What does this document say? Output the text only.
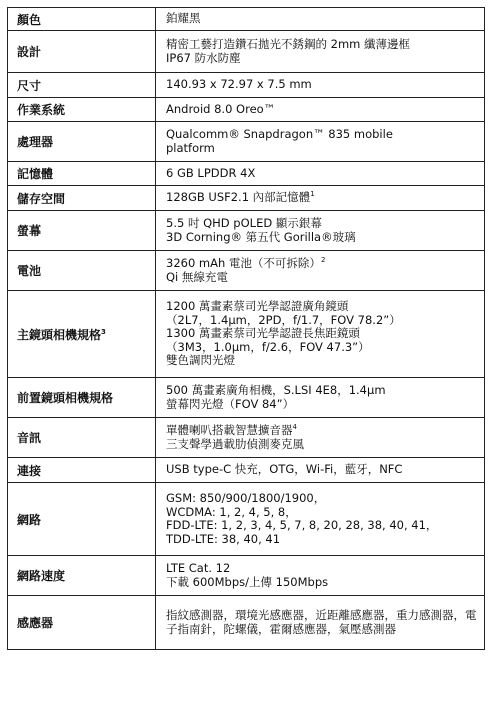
顏色	鉑耀黑

設計	精密工藝打造鑽石拋光不銹鋼的 2mm 纖薄邊框
IP67 防水防塵

尺寸	140.93 x 72.97 x 7.5 mm

作業系統	Android 8.0 Oreo™

處理器	Qualcomm® Snapdragon™ 835 mobile
platform

記憶體	6 GB LPDDR 4X

儲存空間	128GB USF2.1 內部記憶體$^1$

螢幕	5.5 吋 QHD pOLED 顯示銀幕
3D Corning® 第五代 Gorilla®玻璃

電池	3260 mAh 電池（不可拆除）$^2$
Qi 無線充電

主鏡頭相機規格$^3$	1200 萬畫素蔡司光學認證廣角鏡頭
（2L7，1.4μm，2PD，f/1.7，FOV 78.2”）
1300 萬畫素蔡司光學認證長焦距鏡頭
（3M3，1.0μm，f/2.6，FOV 47.3”）
雙色調閃光燈

前置鏡頭相機規格	500 萬畫素廣角相機，S.LSI 4E8，1.4μm
螢幕閃光燈（FOV 84”）

音訊	單體喇叭搭載智慧擴音器$^4$
三支聲學過載肋偵測麥克風

連接	USB type-C 快充，OTG，Wi-Fi，藍牙，NFC

網路	GSM: 850/900/1800/1900，
WCDMA: 1, 2, 4, 5, 8，
FDD-LTE: 1, 2, 3, 4, 5, 7, 8, 20, 28, 38, 40, 41，
TDD-LTE: 38, 40, 41

網路速度	LTE Cat. 12
下載 600Mbps/上傳 150Mbps

感應器	指紋感測器，環境光感應器，近距離感應器，重力感測器，電子指南針，陀螺儀，霍爾感應器，氣壓感測器
